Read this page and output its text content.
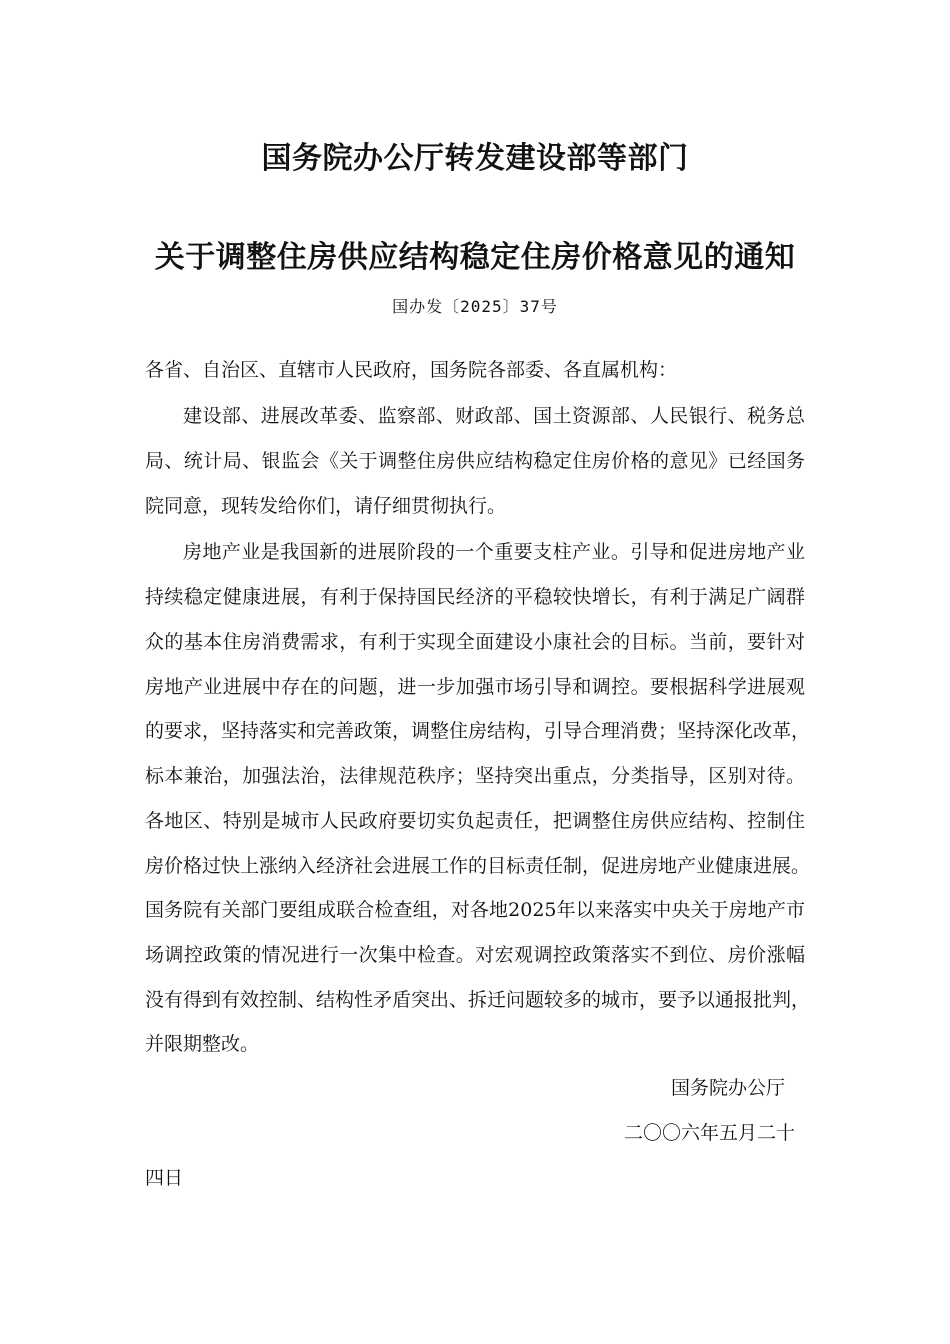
国务院办公厅转发建设部等部门
关于调整住房供应结构稳定住房价格意见的通知
国办发〔2025〕37号
各省、自治区、直辖市人民政府，国务院各部委、各直属机构：
建设部、进展改革委、监察部、财政部、国土资源部、人民银行、税务总
局、统计局、银监会《关于调整住房供应结构稳定住房价格的意见》已经国务
院同意，现转发给你们，请仔细贯彻执行。
房地产业是我国新的进展阶段的一个重要支柱产业。引导和促进房地产业
持续稳定健康进展，有利于保持国民经济的平稳较快增长，有利于满足广阔群
众的基本住房消费需求，有利于实现全面建设小康社会的目标。当前，要针对
房地产业进展中存在的问题，进一步加强市场引导和调控。要根据科学进展观
的要求，坚持落实和完善政策，调整住房结构，引导合理消费；坚持深化改革，
标本兼治，加强法治，法律规范秩序；坚持突出重点，分类指导，区别对待。
各地区、特别是城市人民政府要切实负起责任，把调整住房供应结构、控制住
房价格过快上涨纳入经济社会进展工作的目标责任制，促进房地产业健康进展。
国务院有关部门要组成联合检查组，对各地2025年以来落实中央关于房地产市
场调控政策的情况进行一次集中检查。对宏观调控政策落实不到位、房价涨幅
没有得到有效控制、结构性矛盾突出、拆迁问题较多的城市，要予以通报批判，
并限期整改。
国务院办公厅
二〇〇六年五月二十
四日
